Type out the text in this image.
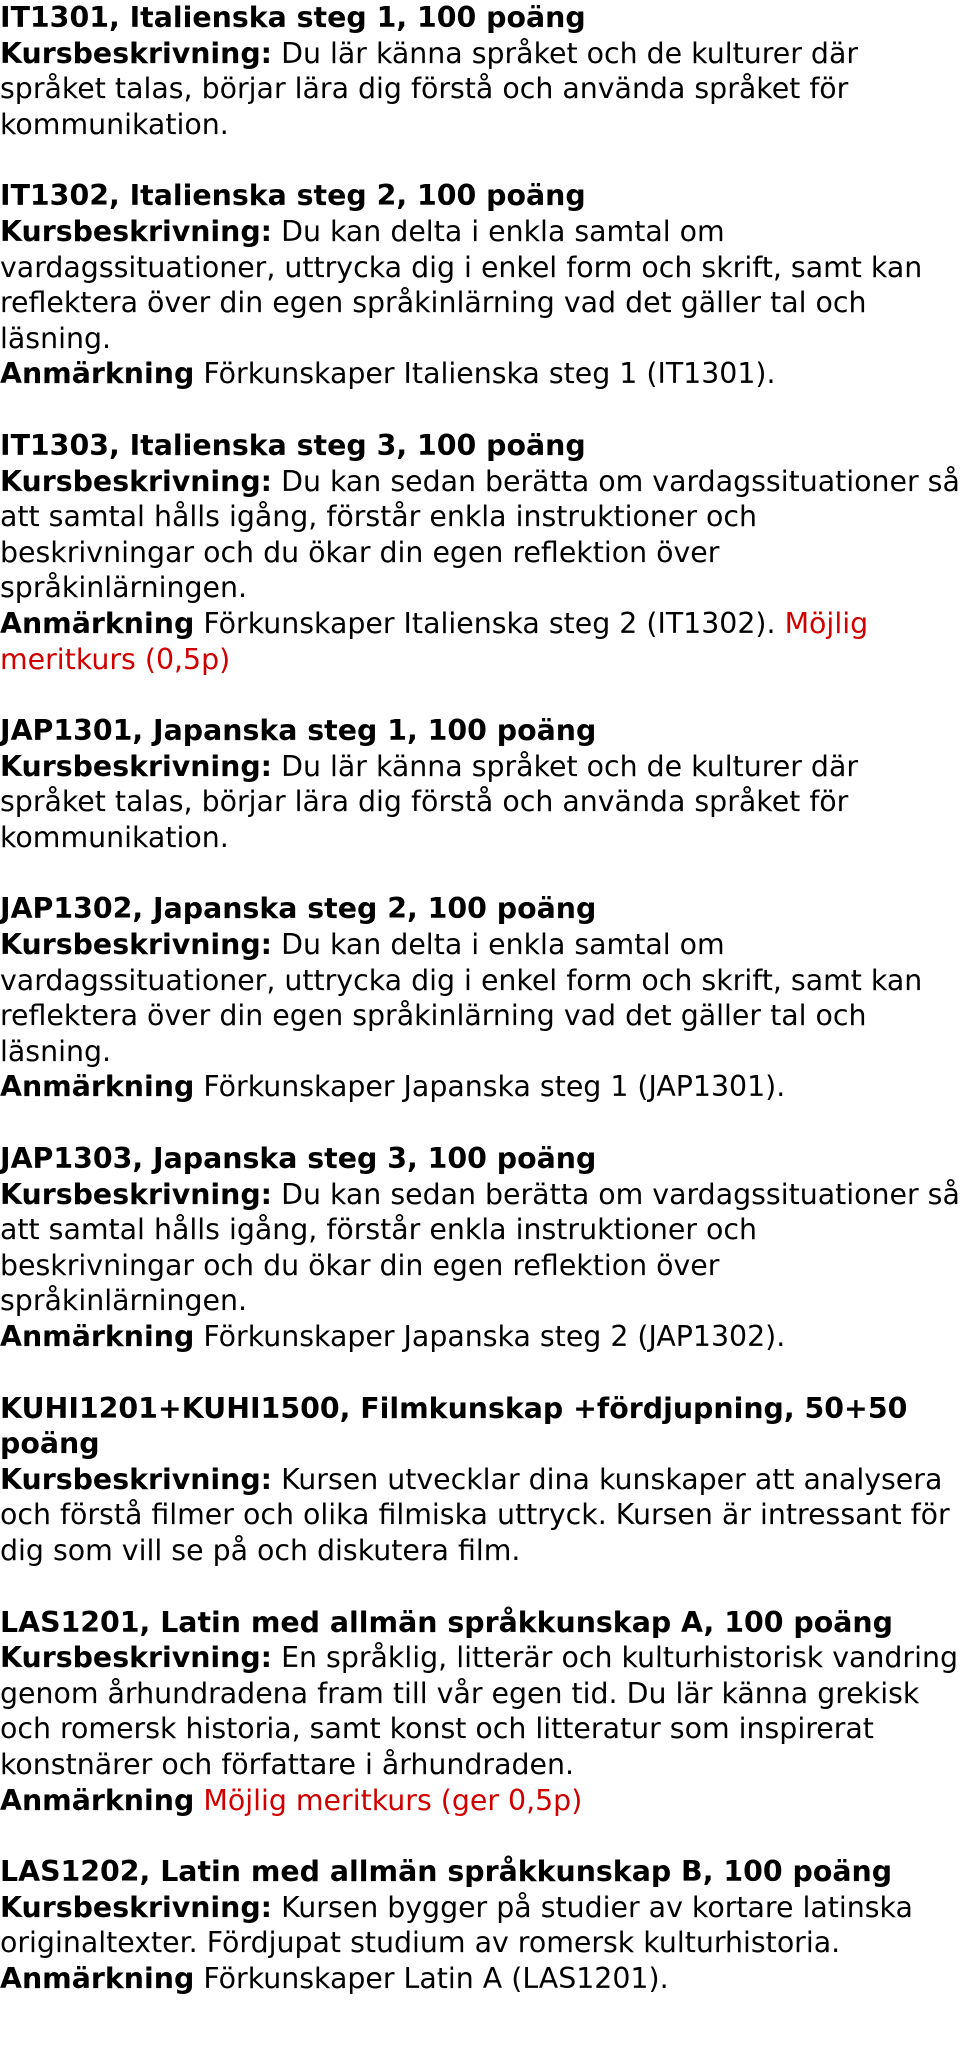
IT1301, Italienska steg 1, 100 poäng
Kursbeskrivning: Du lär känna språket och de kulturer där språket talas, börjar lära dig förstå och använda språket för kommunikation.
IT1302, Italienska steg 2, 100 poäng
Kursbeskrivning: Du kan delta i enkla samtal om vardagssituationer, uttrycka dig i enkel form och skrift, samt kan reflektera över din egen språkinlärning vad det gäller tal och läsning.
Anmärkning Förkunskaper Italienska steg 1 (IT1301).
IT1303, Italienska steg 3, 100 poäng
Kursbeskrivning: Du kan sedan berätta om vardagssituationer så att samtal hålls igång, förstår enkla instruktioner och beskrivningar och du ökar din egen reflektion över språkinlärningen.
Anmärkning Förkunskaper Italienska steg 2 (IT1302). Möjlig meritkurs (0,5p)
JAP1301, Japanska steg 1, 100 poäng
Kursbeskrivning: Du lär känna språket och de kulturer där språket talas, börjar lära dig förstå och använda språket för kommunikation.
JAP1302, Japanska steg 2, 100 poäng
Kursbeskrivning: Du kan delta i enkla samtal om vardagssituationer, uttrycka dig i enkel form och skrift, samt kan reflektera över din egen språkinlärning vad det gäller tal och läsning.
Anmärkning Förkunskaper Japanska steg 1 (JAP1301).
JAP1303, Japanska steg 3, 100 poäng
Kursbeskrivning: Du kan sedan berätta om vardagssituationer så att samtal hålls igång, förstår enkla instruktioner och beskrivningar och du ökar din egen reflektion över språkinlärningen.
Anmärkning Förkunskaper Japanska steg 2 (JAP1302).
KUHI1201+KUHI1500, Filmkunskap +fördjupning, 50+50 poäng
Kursbeskrivning: Kursen utvecklar dina kunskaper att analysera och förstå filmer och olika filmiska uttryck. Kursen är intressant för dig som vill se på och diskutera film.
LAS1201, Latin med allmän språkkunskap A, 100 poäng
Kursbeskrivning: En språklig, litterär och kulturhistorisk vandring genom århundradena fram till vår egen tid. Du lär känna grekisk och romersk historia, samt konst och litteratur som inspirerat konstnärer och författare i århundraden.
Anmärkning Möjlig meritkurs (ger 0,5p)
LAS1202, Latin med allmän språkkunskap B, 100 poäng
Kursbeskrivning: Kursen bygger på studier av kortare latinska originaltexter. Fördjupat studium av romersk kulturhistoria.
Anmärkning Förkunskaper Latin A (LAS1201).
